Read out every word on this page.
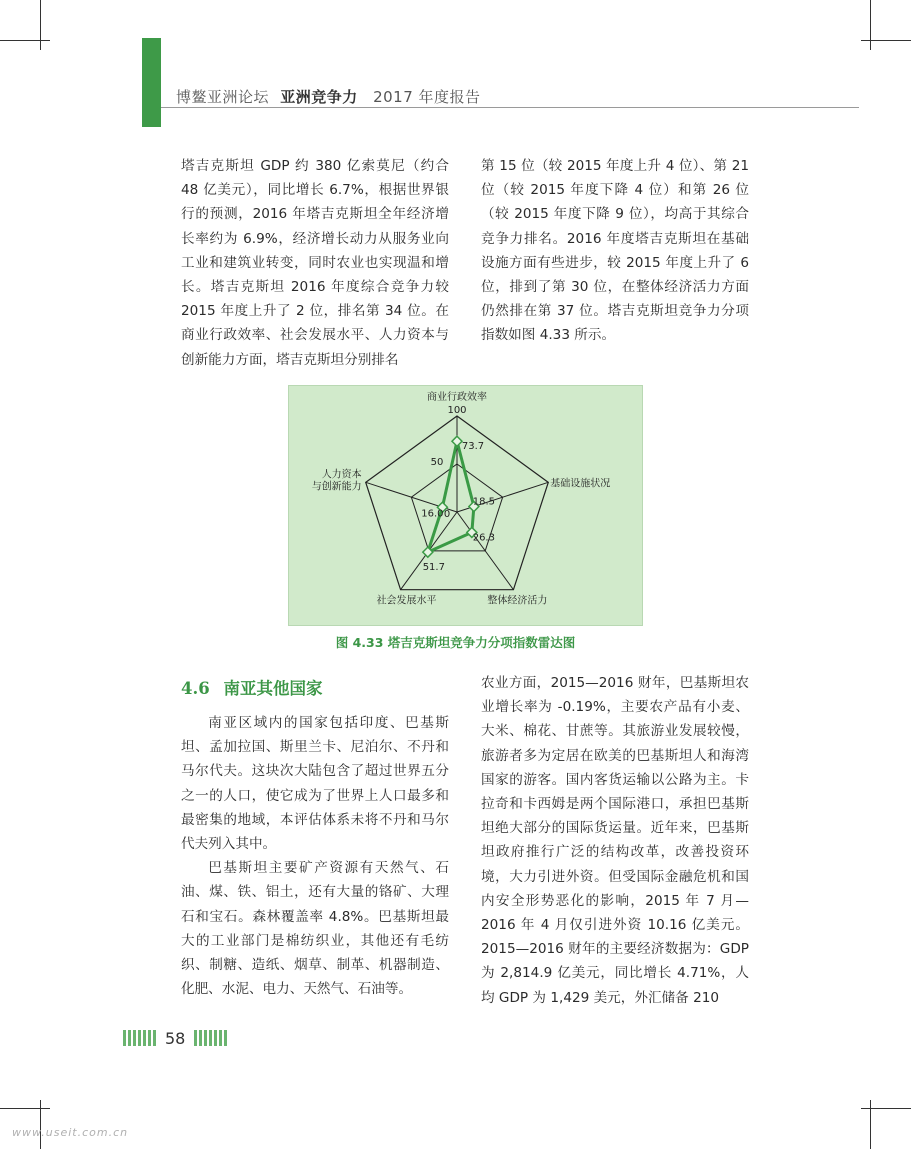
博鳌亚洲论坛 亚洲竞争力 2017 年度报告

塔吉克斯坦 GDP 约 380 亿索莫尼（约合 48 亿美元），同比增长 6.7%，根据世界银行的预测，2016 年塔吉克斯坦全年经济增长率约为 6.9%，经济增长动力从服务业向工业和建筑业转变，同时农业也实现温和增长。塔吉克斯坦 2016 年度综合竞争力较 2015 年度上升了 2 位，排名第 34 位。在商业行政效率、社会发展水平、人力资本与创新能力方面，塔吉克斯坦分别排名

第 15 位（较 2015 年度上升 4 位）、第 21 位（较 2015 年度下降 4 位）和第 26 位（较 2015 年度下降 9 位），均高于其综合竞争力排名。2016 年度塔吉克斯坦在基础设施方面有些进步，较 2015 年度上升了 6 位，排到了第 30 位，在整体经济活力方面仍然排在第 37 位。塔吉克斯坦竞争力分项指数如图 4.33 所示。

商业行政效率
基础设施状况
整体经济活力
社会发展水平
人力资本
与创新能力
100
50
0
73.7
18.5
26.3
51.7
16.0
图 4.33 塔吉克斯坦竞争力分项指数雷达图
4.6 南亚其他国家

南亚区域内的国家包括印度、巴基斯坦、孟加拉国、斯里兰卡、尼泊尔、不丹和马尔代夫。这块次大陆包含了超过世界五分之一的人口，使它成为了世界上人口最多和最密集的地域，本评估体系未将不丹和马尔代夫列入其中。

巴基斯坦主要矿产资源有天然气、石油、煤、铁、铝土，还有大量的铬矿、大理石和宝石。森林覆盖率 4.8%。巴基斯坦最大的工业部门是棉纺织业，其他还有毛纺织、制糖、造纸、烟草、制革、机器制造、化肥、水泥、电力、天然气、石油等。

农业方面，2015—2016 财年，巴基斯坦农业增长率为 -0.19%，主要农产品有小麦、大米、棉花、甘蔗等。其旅游业发展较慢，旅游者多为定居在欧美的巴基斯坦人和海湾国家的游客。国内客货运输以公路为主。卡拉奇和卡西姆是两个国际港口，承担巴基斯坦绝大部分的国际货运量。近年来，巴基斯坦政府推行广泛的结构改革，改善投资环境，大力引进外资。但受国际金融危机和国内安全形势恶化的影响，2015 年 7 月—2016 年 4 月仅引进外资 10.16 亿美元。2015—2016 财年的主要经济数据为：GDP 为 2,814.9 亿美元，同比增长 4.71%，人均 GDP 为 1,429 美元，外汇储备 210

58
www.useit.com.cn
